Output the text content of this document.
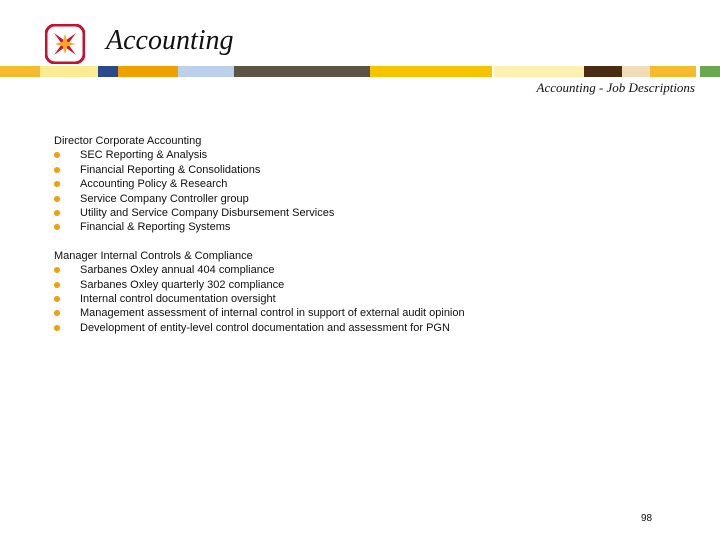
Accounting
Accounting - Job Descriptions
Director Corporate Accounting
SEC Reporting & Analysis
Financial Reporting & Consolidations
Accounting Policy & Research
Service Company Controller group
Utility and Service Company Disbursement Services
Financial & Reporting Systems
Manager Internal Controls & Compliance
Sarbanes Oxley annual 404 compliance
Sarbanes Oxley quarterly 302 compliance
Internal control documentation oversight
Management assessment of internal control in support of external audit opinion
Development of entity-level control documentation and assessment for PGN
98
